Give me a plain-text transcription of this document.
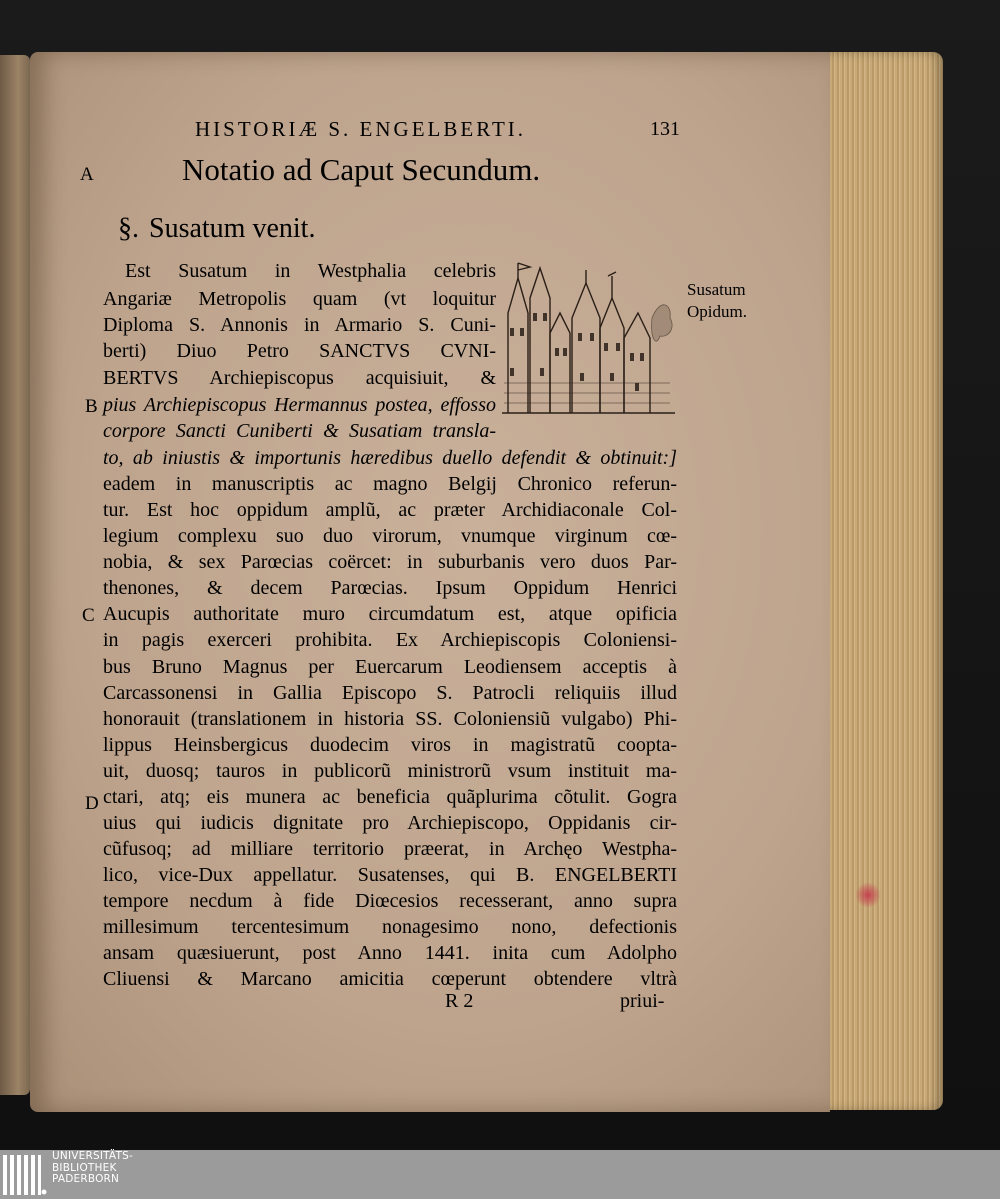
HISTORIÆ S. ENGELBERTI.	131
A
B
C
D
Notatio ad Caput Secundum.
§. Susatum venit.
Susatum
Opidum.
Est Susatum in Westphalia celebris
Angariæ Metropolis quam (vt loquitur
Diploma S. Annonis in Armario S. Cuni-
berti) Diuo Petro SANCTVS CVNI-
BERTVS Archiepiscopus acquisiuit, &
pius Archiepiscopus Hermannus postea, effosso
corpore Sancti Cuniberti & Susatiam transla-
to, ab iniustis & importunis hæredibus duello defendit & obtinuit:]
eadem in manuscriptis ac magno Belgij Chronico referun-
tur. Est hoc oppidum amplũ, ac præter Archidiaconale Col-
legium complexu suo duo virorum, vnumque virginum cœ-
nobia, & sex Parœcias coërcet: in suburbanis vero duos Par-
thenones, & decem Parœcias. Ipsum Oppidum Henrici
Aucupis authoritate muro circumdatum est, atque opificia
in pagis exerceri prohibita. Ex Archiepiscopis Coloniensi-
bus Bruno Magnus per Euercarum Leodiensem acceptis à
Carcassonensi in Gallia Episcopo S. Patrocli reliquiis illud
honorauit (translationem in historia SS. Coloniensiũ vulgabo) Phi-
lippus Heinsbergicus duodecim viros in magistratũ coopta-
uit, duosq; tauros in publicorũ ministrorũ vsum instituit ma-
ctari, atq; eis munera ac beneficia quãplurima cõtulit. Gogra
uius qui iudicis dignitate pro Archiepiscopo, Oppidanis cir-
cũfusoq; ad milliare territorio præerat, in Archęo Westpha-
lico, vice-Dux appellatur. Susatenses, qui B. ENGELBERTI
tempore necdum à fide Diœcesios recesserant, anno supra
millesimum tercentesimum nonagesimo nono, defectionis
ansam quæsiuerunt, post Anno 1441. inita cum Adolpho
Cliuensi & Marcano amicitia cœperunt obtendere vltrà
R 2	priui-
UNIVERSITÄTS-
BIBLIOTHEK
PADERBORN
